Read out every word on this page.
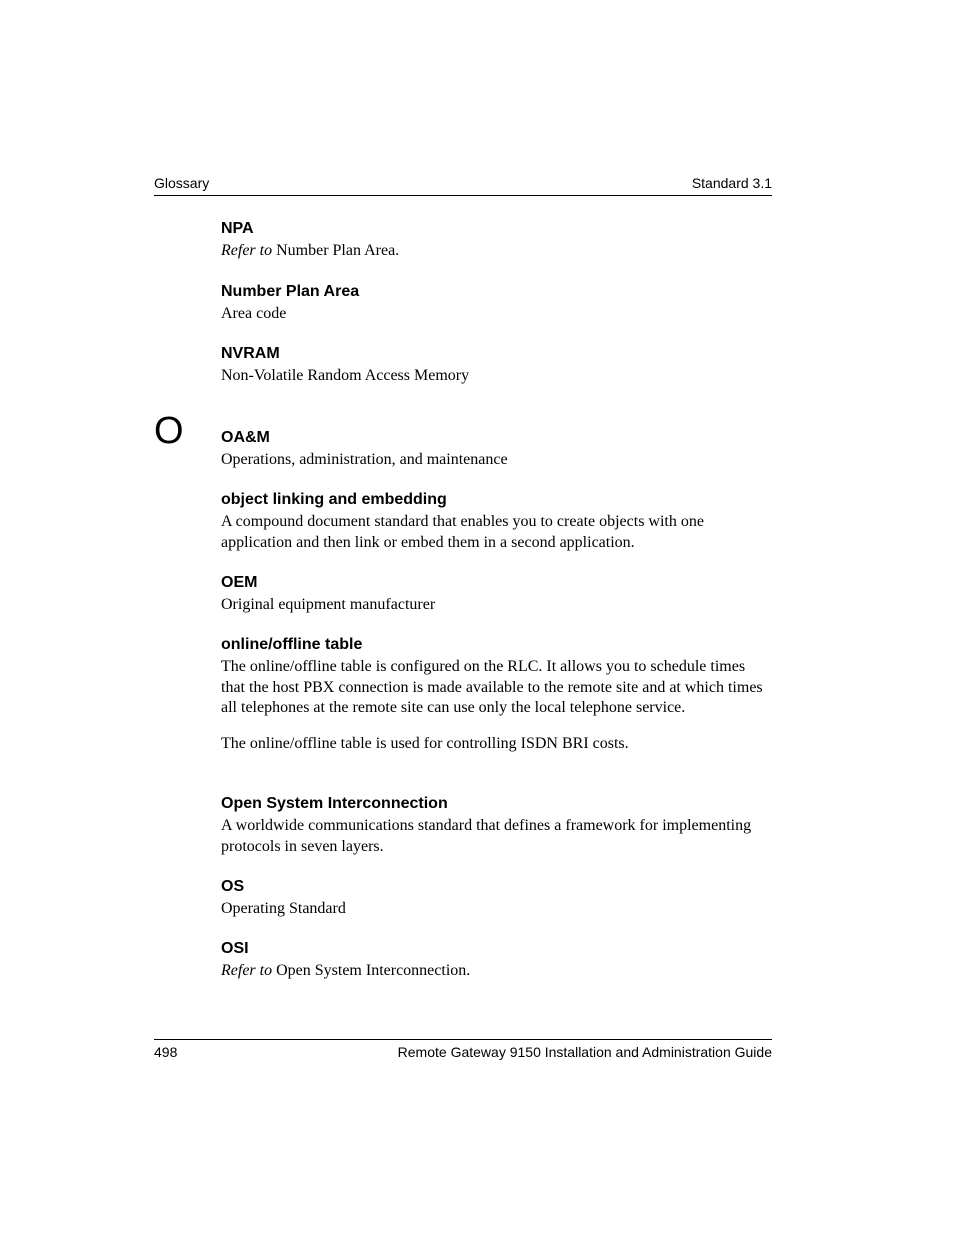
Glossary	Standard 3.1

NPA

Refer to Number Plan Area.

Number Plan Area

Area code

NVRAM

Non-Volatile Random Access Memory

O OA&M

Operations, administration, and maintenance

object linking and embedding

A compound document standard that enables you to create objects with one application and then link or embed them in a second application.

OEM

Original equipment manufacturer

online/offline table

The online/offline table is configured on the RLC. It allows you to schedule times that the host PBX connection is made available to the remote site and at which times all telephones at the remote site can use only the local telephone service.

The online/offline table is used for controlling ISDN BRI costs.

Open System Interconnection

A worldwide communications standard that defines a framework for implementing protocols in seven layers.

OS

Operating Standard

OSI

Refer to Open System Interconnection.

498	Remote Gateway 9150 Installation and Administration Guide
